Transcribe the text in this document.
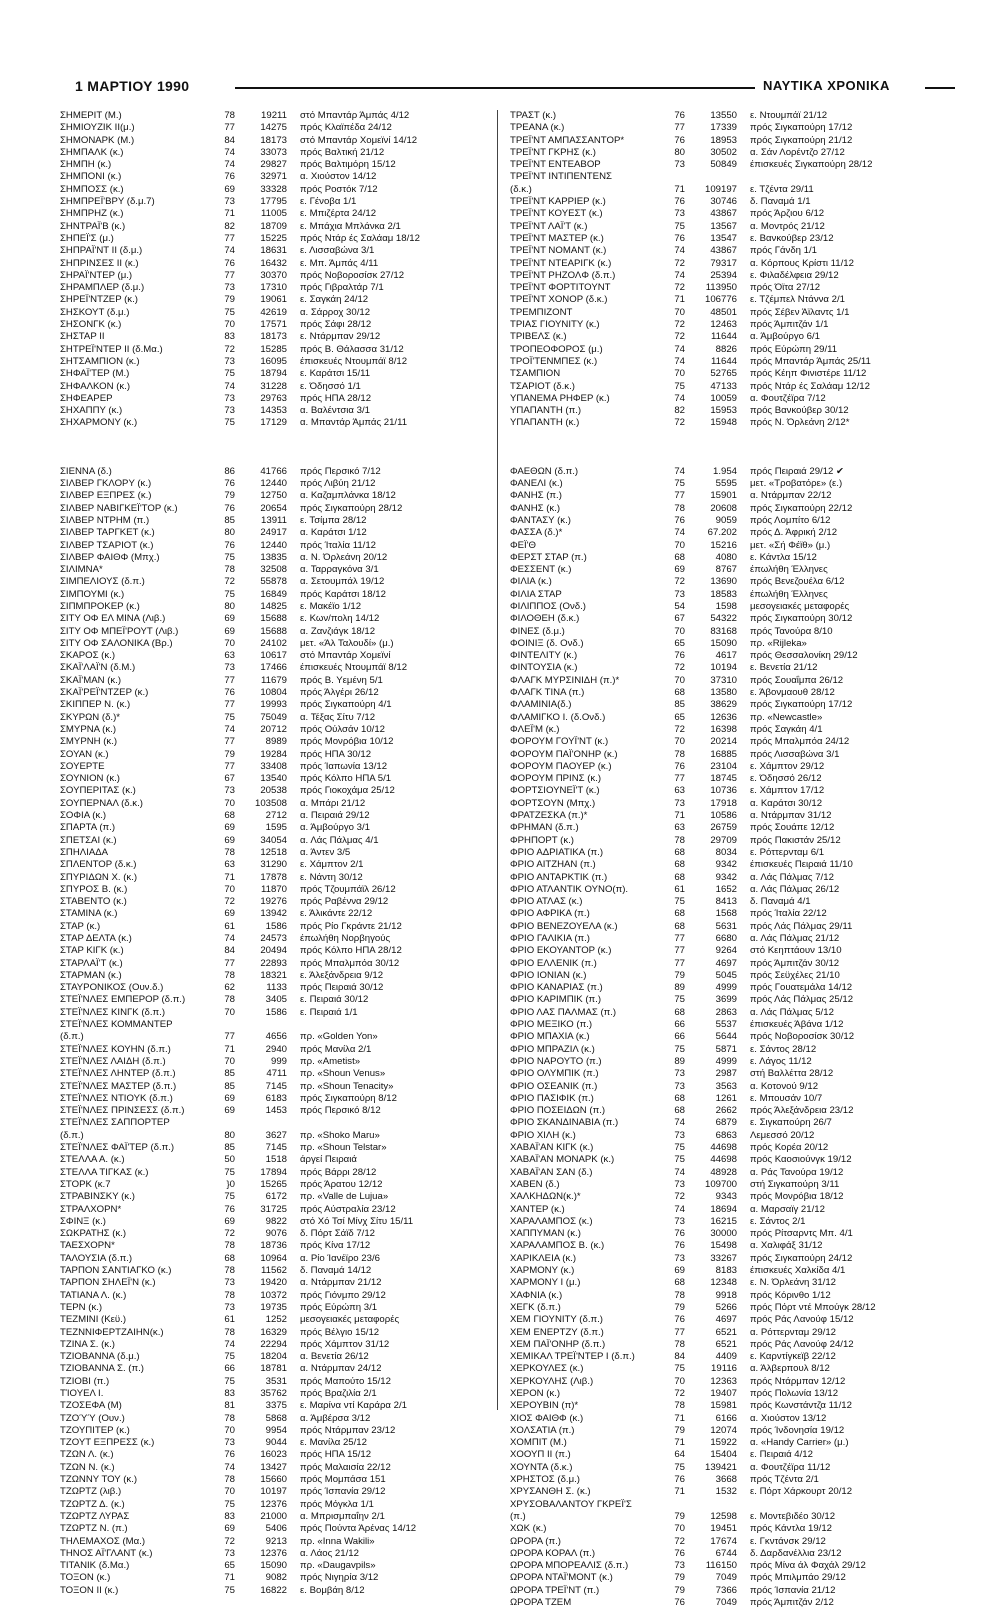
1 ΜΑΡΤΙΟΥ 1990	ΝΑΥΤΙΚΑ ΧΡΟΝΙΚΑ
ΣΗΜΕΡΙΤ (Μ.)	78	19211 στό Μπαντάρ Άμπάς 4/12
ΣΗΜΙΟΥΖΙΚ ΙΙ(μ.)	77	14275 πρός Κλαϊπέδα 24/12
ΣΗΜΟΝΑΡΚ (Μ.)	84	18173 στό Μπαντάρ Χομεϊνί 14/12
ΣΗΜΠΑΛΚ (κ.)	74	33073 πρός Βαλτική 21/12
ΣΗΜΠΗ (κ.)	74	29827 πρός Βαλτιμόρη 15/12
ΣΗΜΠΟΝΙ (κ.)	76	32971 α. Χιούστον 14/12
ΣΗΜΠΟΣΣ (κ.)	69	33328 πρός Ροστόκ 7/12
ΣΗΜΠΡΕΪ'ΒΡΥ (δ.μ.7)	73	17795 ε. Γένοβα 1/1
ΣΗΜΠΡΗΖ (κ.)	71	11005 ε. Μπιζέρτα 24/12
ΣΗΝΤΡΑΪ'Β (κ.)	82	18709 ε. Μπάχια Μπλάνκα 2/1
ΣΗΠΕΪ'Σ (μ.)	77	15225 πρός Ντάρ ές Σαλάαμ 18/12
ΣΗΠΡΑΪ'ΝΤ ΙΙ (δ.μ.)	74	18631 ε. Λισσαβώνα 3/1
ΣΗΠΡΙΝΣΕΣ ΙΙ (κ.)	76	16432 ε. Μπ. Άμπάς 4/11
ΣΗΡΑΪ'ΝΤΕΡ (μ.)	77	30370 πρός Νοβοροσίσκ 27/12
ΣΗΡΑΜΠΛΕΡ (δ.μ.)	73	17310 πρός Γιβραλτάρ 7/1
ΣΗΡΕΪ'ΝΤΖΕΡ (κ.)	79	19061 ε. Σαγκάη 24/12
ΣΗΣΚΟΥΤ (δ.μ.)	75	42619 α. Σάρροχ 30/12
ΣΗΣΟΝΓΚ (κ.)	70	17571 πρός Σάφι 28/12
ΣΗΣΤΑΡ ΙΙ	83	18173 ε. Ντάρμπαν 29/12
ΣΗΤΡΕΪ'ΝΤΕΡ ΙΙ (δ.Μα.)	72	15285 πρός Β. Θάλασσα 31/12
ΣΗΤΣΑΜΠΙΟΝ (κ.)	73	16095 έπισκευές Ντουμπάϊ 8/12
ΣΗΦΑΪ'ΤΕΡ (Μ.)	75	18794 ε. Καράτσι 15/11
ΣΗΦΑΛΚΟΝ (κ.)	74	31228 ε. Όδησσό 1/1
ΣΗΦΕΑΡΕΡ	73	29763 πρός ΗΠΑ 28/12
ΣΗΧΑΠΠΥ (κ.)	73	14353 α. Βαλέντσια 3/1
ΣΗΧΑΡΜΟΝΥ (κ.)	75	17129 α. Μπαντάρ Άμπάς 21/11
ΣΙΕΝΝΑ (δ.)	86	41766 πρός Περσικό 7/12
ΣΙΛΒΕΡ ΓΚΛΟΡΥ (κ.)	76	12440 πρός Λιβύη 21/12
ΣΙΛΒΕΡ ΕΞΠΡΕΣ (κ.)	79	12750 α. Καζαμπλάνκα 18/12
ΣΙΛΒΕΡ ΝΑΒΙΓΚΕΪ'ΤΟΡ (κ.)	76	20654 πρός Σιγκαπούρη 28/12
ΣΙΛΒΕΡ ΝΤΡΗΜ (π.)	85	13911 ε. Τσίμπα 28/12
ΣΙΛΒΕΡ ΤΑΡΓΚΕΤ (κ.)	80	24917 α. Καράτσι 1/12
ΣΙΛΒΕΡ ΤΣΑΡΙΟΤ (κ.)	76	12440 πρός Ίταλία 11/12
ΣΙΛΒΕΡ ΦΑΙΘΦ (Μπχ.)	75	13835 α. Ν. Όρλεάνη 20/12
ΣΙΛΙΜΝΑ*	78	32508 α. Ταρραγκόνα 3/1
ΣΙΜΠΕΛΙΟΥΣ (δ.π.)	72	55878 α. Σετουμπάλ 19/12
ΣΙΜΠΟΥΜΙ (κ.)	75	16849 πρός Καράτσι 18/12
ΣΙΠΜΠΡΟΚΕΡ (κ.)	80	14825 ε. Μακέϊο 1/12
ΣΙΤΥ ΟΦ ΕΛ ΜΙΝΑ (Λιβ.)	69	15688 ε. Κων/πολη 14/12
ΣΙΤΥ ΟΦ ΜΠΕΪ'ΡΟΥΤ (Λιβ.)	69	15688 α. Ζανζιάγκ 18/12
ΣΙΤΥ ΟΦ ΣΑΛΟΝΙΚΑ (Βρ.)	70	24102 μετ. «Άλ Ταλουδί» (μ.)
ΣΚΑΡΟΣ (κ.)	63	10617 στό Μπαντάρ Χομεϊνί
ΣΚΑΪ'ΛΑΪ'Ν (δ.Μ.)	73	17466 έπισκευές Ντουμπάϊ 8/12
ΣΚΑΪ'ΜΑΝ (κ.)	77	11679 πρός Β. Υεμένη 5/1
ΣΚΑΪ'ΡΕΪ'ΝΤΖΕΡ (κ.)	76	10804 πρός Άλγέρι 26/12
ΣΚΙΠΠΕΡ Ν. (κ.)	77	19993 πρός Σιγκαπούρη 4/1
ΣΚΥΡΩΝ (δ.)*	75	75049 α. Τέξας Σίτυ 7/12
ΣΜΥΡΝΑ (κ.)	74	20712 πρός Ούλσάν 10/12
ΣΜΥΡΝΗ (κ.)	77	8989 πρός Μονρόβια 10/12
ΣΟΥΑΝ (κ.)	79	19284 πρός ΗΠΑ 30/12
ΣΟΥΕΡΤΕ	77	33408 πρός Ίαπωνία 13/12
ΣΟΥΝΙΟΝ (κ.)	67	13540 πρός Κόλπο ΗΠΑ 5/1
ΣΟΥΠΕΡΙΤΑΣ (κ.)	73	20538 πρός Γιοκοχάμα 25/12
ΣΟΥΠΕΡΝΑΛ (δ.κ.)	70	103508 α. Μπάρι 21/12
ΣΟΦΙΑ (κ.)	68	2712 α. Πειραιά 29/12
ΣΠΑΡΤΑ (π.)	69	1595 α. Άμβούργο 3/1
ΣΠΕΤΣΑΙ (κ.)	69	34054 α. Λάς Πάλμας 4/1
ΣΠΗΛΙΑΔΑ	78	12518 α. Άντεν 3/5
ΣΠΛΕΝΤΟΡ (δ.κ.)	63	31290 ε. Χάμπτον 2/1
ΣΠΥΡΙΔΩΝ Χ. (κ.)	71	17878 ε. Νάντη 30/12
ΣΠΥΡΟΣ Β. (κ.)	70	11870 πρός Τζουμπάϊλ 26/12
ΣΤΑΒΕΝΤΟ (κ.)	72	19276 πρός Ραβέννα 29/12
ΣΤΑΜΙΝΑ (κ.)	69	13942 ε. Άλικάντε 22/12
ΣΤΑΡ (κ.)	61	1586 πρός Ρίο Γκράντε 21/12
ΣΤΑΡ ΔΕΛΤΑ (κ.)	74	24573 έπωλήθη Νορβηγούς
ΣΤΑΡ ΚΙΓΚ (κ.)	84	20494 πρός Κόλπο ΗΠΑ 28/12
ΣΤΑΡΛΑΪ'Τ (κ.)	77	22893 πρός Μπαλμπόα 30/12
ΣΤΑΡΜΑΝ (κ.)	78	18321 ε. Άλεξάνδρεια 9/12
ΣΤΑΥΡΟΝΙΚΟΣ (Ουν.δ.)	62	1133 πρός Πειραιά 30/12
ΣΤΕΪ'ΝΛΕΣ ΕΜΠΕΡΟΡ (δ.π.)	78	3405 ε. Πειραιά 30/12
ΣΤΕΪ'ΝΛΕΣ ΚΙΝΓΚ (δ.π.)	70	1586 ε. Πειραιά 1/1
ΣΤΕΪ'ΝΛΕΣ ΚΟΜΜΑΝΤΕΡ
(δ.π.)	77	4656 πρ. «Golden Yon»
ΣΤΕΪ'ΝΛΕΣ ΚΟΥΗΝ (δ.π.)	71	2940 πρός Μανίλα 2/1
ΣΤΕΪ'ΝΛΕΣ ΛΑΙΔΗ (δ.π.)	70	999 πρ. «Ametist»
ΣΤΕΪ'ΝΛΕΣ ΛΗΝΤΕΡ (δ.π.)	85	4711 πρ. «Shoun Venus»
ΣΤΕΪ'ΝΛΕΣ ΜΑΣΤΕΡ (δ.π.)	85	7145 πρ. «Shoun Tenacity»
ΣΤΕΪ'ΝΛΕΣ ΝΤΙΟΥΚ (δ.π.)	69	6183 πρός Σιγκαπούρη 8/12
ΣΤΕΪ'ΝΛΕΣ ΠΡΙΝΣΕΣΣ (δ.π.)	69	1453 πρός Περσικό 8/12
ΣΤΕΪ'ΝΛΕΣ ΣΑΠΠΟΡΤΕΡ
(δ.π.)	80	3627 πρ. «Shoko Maru»
ΣΤΕΪ'ΝΛΕΣ ΦΑΪ'ΤΕΡ (δ.π.)	85	7145 πρ. «Shoun Telstar»
ΣΤΕΛΛΑ Α. (κ.)	50	1518 άργεί Πειραιά
ΣΤΕΛΛΑ ΤΙΓΚΑΣ (κ.)	75	17894 πρός Βάρρι 28/12
ΣΤΟΡΚ (κ.7	}0	15265 πρός Άρατου 12/12
ΣΤΡΑΒΙΝΣΚΥ (κ.)	75	6172 πρ. «Valle de Lujua»
ΣΤΡΑΛΧΟΡΝ*	76	31725 πρός Αύστραλία 23/12
ΣΦΙΝΞ (κ.)	69	9822 στό Χό Τσί Μίνχ Σίτυ 15/11
ΣΩΚΡΑΤΗΣ (κ.)	72	9076 δ. Πόρτ Σάϊδ 7/12
ΤΑΕΣΧΟΡΝ*	78	18736 πρός Κίνα 17/12
ΤΑΛΟΥΣΙΑ (δ.π.)	68	10964 α. Ρίο Ίανέϊρο 23/6
ΤΑΡΠΟΝ ΣΑΝΤΙΑΓΚΟ (κ.)	78	11562 δ. Παναμά 14/12
ΤΑΡΠΟΝ ΣΗΛΕΪ'Ν (κ.)	73	19420 α. Ντάρμπαν 21/12
ΤΑΤΙΑΝΑ Λ. (κ.)	78	10372 πρός Γιόνμπο 29/12
ΤΕΡΝ (κ.)	73	19735 πρός Εύρώπη 3/1
ΤΕΖΜΙΝΙ (Κεϋ.)	61	1252 μεσογειακές μεταφορές
ΤΕΖΝΝΙΦΕΡΤΖΑΙΗΝ(κ.)	78	16329 πρός Βέλγιο 15/12
ΤΖΙΝΑ Σ. (κ.)	74	22294 πρός Χάμπτον 31/12
ΤΖΙΟΒΑΝΝΑ (δ.μ.)	75	18204 α. Βενετία 26/12
ΤΖΙΟΒΑΝΝΑ Σ. (π.)	66	18781 α. Ντάρμπαν 24/12
ΤΖΙΟΒΙ (π.)	75	3531 πρός Μαπούτο 15/12
ΤΊΟΥΕΛ Ι.	83	35762 πρός Βραζιλία 2/1
ΤΖΟΣΕΦΑ (Μ)	81	3375 ε. Μαρίνα ντί Καράρα 2/1
ΤΖΟΎΎ (Ουν.)	78	5868 α. Άμβέρσα 3/12
ΤΖΟΥΠΙΤΕΡ (κ.)	70	9954 πρός Ντάρμπαν 23/12
ΤΖΟΥΤ ΕΞΠΡΕΣΣ (κ.)	73	9044 ε. Μανίλα 25/12
ΤΖΩΝ Λ. (κ.)	76	16023 πρός ΗΠΑ 15/12
ΤΖΩΝ Ν. (κ.)	74	13427 πρός Μαλαισία 22/12
ΤΖΩΝΝΥ ΤΟΥ (κ.)	78	15660 πρός Μομπάσα 151
ΤΖΩΡΤΖ (λιβ.)	70	10197 πρός Ίσπανία 29/12
ΤΖΩΡΤΖ Δ. (κ.)	75	12376 πρός Μόγκλα 1/1
ΤΖΩΡΤΖ ΛΥΡΑΣ	83	21000 α. Μπρισμπαΐην 2/1
ΤΖΩΡΤΖ Ν. (π.)	69	5406 πρός Πούντα Άρένας 14/12
ΤΗΛΕΜΑΧΟΣ (Μα.)	72	9213 πρ. «Inna Wakili»
ΤΗΝΟΣ ΑΪ'ΓΛΑΝΤ (κ.)	73	12376 α. Λάος 21/12
ΤΙΤΑΝΙΚ (δ.Μα.)	65	15090 πρ. «Daugavpils»
ΤΟΞΟΝ (κ.)	71	9082 πρός Νιγηρία 3/12
ΤΟΞΟΝ ΙΙ (κ.)	75	16822 ε. Βομβάη 8/12
ΤΡΑΣΤ (κ.)	76	13550 ε. Ντουμπάϊ 21/12
ΤΡΕΑΝΑ (κ.)	77	17339 πρός Σιγκαπούρη 17/12
ΤΡΕΪ'ΝΤ ΑΜΠΑΣΣΑΝΤΟΡ*	76	18953 πρός Σιγκαπούρη 21/12
ΤΡΕΪ'ΝΤ ΓΚΡΗΣ (κ.)	80	30502 α. Σάν Λορέντζο 27/12
ΤΡΕΪ'ΝΤ ΕΝΤΕΑΒΟΡ	73	50849 έπισκευές Σιγκαπούρη 28/12
ΤΡΕΪ'ΝΤ ΙΝΤΙΠΕΝΤΕΝΣ
(δ.κ.)	71	109197 ε. Τζέντα 29/11
ΤΡΕΪ'ΝΤ ΚΑΡΡΙΕΡ (κ.)	76	30746 δ. Παναμά 1/1
ΤΡΕΪ'ΝΤ ΚΟΥΕΣΤ (κ.)	73	43867 πρός Άρζιου 6/12
ΤΡΕΪ'ΝΤ ΛΑΪ'Τ (κ.)	75	13567 α. Μοντρός 21/12
ΤΡΕΪ'ΝΤ ΜΑΣΤΕΡ (κ.)	76	13547 ε. Βανκούβερ 23/12
ΤΡΕΪ'ΝΤ ΝΟΜΑΝΤ (κ.)	74	43867 πρός Γάνδη 1/1
ΤΡΕΪ'ΝΤ ΝΤΕΑΡΙΓΚ (κ.)	72	79317 α. Κόρπους Κρίστι 11/12
ΤΡΕΪ'ΝΤ ΡΗΖΟΛΦ (δ.π.)	74	25394 ε. Φιλαδέλφεια 29/12
ΤΡΕΪ'ΝΤ ΦΟΡΤΙΤΟΥΝΤ	72	113950 πρός Όϊτα 27/12
ΤΡΕΪ'ΝΤ ΧΟΝΟΡ (δ.κ.)	71	106776 ε. Τζέμπελ Ντάννα 2/1
ΤΡΕΜΠΙΖΟΝΤ	70	48501 πρός Σέβεν Άϊλαντς 1/1
ΤΡΙΑΣ ΓΙΟΥΝΙΤΥ (κ.)	72	12463 πρός Άμπιτζάν 1/1
ΤΡΙΒΕΛΣ (κ.)	72	11644 α. Άμβούργο 6/1
ΤΡΟΠΕΟΦΟΡΟΣ (μ.)	74	8826 πρός Εύρώπη 29/11
ΤΡΟΪ'ΤΕΝΜΠΕΣ (κ.)	74	11644 πρός Μπαντάρ Άμπάς 25/11
ΤΣΑΜΠΙΟΝ	70	52765 πρός Κέηπ Φινιστέρε 11/12
ΤΣΑΡΙΟΤ (δ.κ.)	75	47133 πρός Ντάρ ές Σαλάαμ 12/12
ΥΠΑΝΕΜΑ ΡΗΦΕΡ (κ.)	74	10059 α. Φουτζέϊρα 7/12
ΥΠΑΠΑΝΤΗ (π.)	82	15953 πρός Βανκούβερ 30/12
ΥΠΑΠΑΝΤΗ (κ.)	72	15948 πρός Ν. Όρλεάνη 2/12*
ΦΑΕΘΩΝ (δ.π.)	74	1.954 πρός Πειραιά 29/12 ✔
ΦΑΝΕΛΙ (κ.)	75	5595 μετ. «Τροβατόρε» (ε.)
ΦΑΝΗΣ (π.)	77	15901 α. Ντάρμπαν 22/12
ΦΑΝΗΣ (κ.)	78	20608 πρός Σιγκαπούρη 22/12
ΦΑΝΤΑΣΥ (κ.)	76	9059 πρός Λομπίτο 6/12
ΦΑΣΣΑ (δ.)*	74	67.202 πρός Δ. Άφρική 2/12
ΦΕΪ'Θ	70	15216 μετ. «Σή Φέϊθ» (μ.)
ΦΕΡΣΤ ΣΤΑΡ (π.)	68	4080 ε. Κάντλα 15/12
ΦΕΣΣΕΝΤ (κ.)	69	8767 έπωλήθη Έλληνες
ΦΙΛΙΑ (κ.)	72	13690 πρός Βενεζουέλα 6/12
ΦΙΛΙΑ ΣΤΑΡ	73	18583 έπωλήθη Έλληνες
ΦΙΛΙΠΠΟΣ (Ονδ.)	54	1598 μεσογειακές μεταφορές
ΦΙΛΟΘΕΗ (δ.κ.)	67	54322 πρός Σιγκαπούρη 30/12
ΦΙΝΕΣ (δ.μ.)	70	83168 πρός Τανούρα 8/10
ΦΟΙΝΙΞ (δ. Ονδ.)	65	15090 πρ. «Rijleka»
ΦΙΝΤΕΛΙΤΥ (κ.)	76	4617 πρός Θεσσαλονίκη 29/12
ΦΙΝΤΟΥΣΙΑ (κ.)	72	10194 ε. Βενετία 21/12
ΦΛΑΓΚ ΜΥΡΣΙΝΙΔΗ (π.)*	70	37310 πρός Σουαΐμπα 26/12
ΦΛΑΓΚ ΤΙΝΑ (π.)	68	13580 ε. Άβονμαουθ 28/12
ΦΛΑΜΙΝΙΑ(δ.)	85	38629 πρός Σιγκαπούρη 17/12
ΦΛΑΜΙΓΚΟ Ι. (δ.Ονδ.)	65	12636 πρ. «Newcastle»
ΦΛΕΪ'Μ (κ.)	72	16398 πρός Σαγκάη 4/1
ΦΟΡΟΥΜ ΓΟΥΪ'ΝΤ (κ.)	70	20214 πρός Μπαλμπόα 24/12
ΦΟΡΟΥΜ ΠΑΪ'ΟΝΗΡ (κ.)	78	16885 πρός Λισσαβώνα 3/1
ΦΟΡΟΥΜ ΠΑΟΥΕΡ (κ.)	76	23104 ε. Χάμπτον 29/12
ΦΟΡΟΥΜ ΠΡΙΝΣ (κ.)	77	18745 ε. Όδησσό 26/12
ΦΟΡΤΣΙΟΥΝΕΪ'Τ (κ.)	63	10736 ε. Χάμπτον 17/12
ΦΟΡΤΣΟΥΝ (Μπχ.)	73	17918 α. Καράτσι 30/12
ΦΡΑΤΖΕΣΚΑ (π.)*	71	10586 α. Ντάρμπαν 31/12
ΦΡΗΜΑΝ (δ.π.)	63	26759 πρός Σουάπε 12/12
ΦΡΗΠΟΡΤ (κ.)	78	29709 πρός Πακιστάν 25/12
ΦΡΙΟ ΑΔΡΙΑΤΙΚΑ (π.)	68	8034 ε. Ρόττερνταμ 6/1
ΦΡΙΟ ΑΙΤΖΗΑΝ (π.)	68	9342 έπισκευές Πειραιά 11/10
ΦΡΙΟ ΑΝΤΑΡΚΤΙΚ (π.)	68	9342 α. Λάς Πάλμας 7/12
ΦΡΙΟ ΑΤΛΑΝΤΙΚ ΟΥΝΟ(π).	61	1652 α. Λάς Πάλμας 26/12
ΦΡΙΟ ΑΤΛΑΣ (κ.)	75	8413 δ. Παναμά 4/1
ΦΡΙΟ ΑΦΡΙΚΑ (π.)	68	1568 πρός Ίταλία 22/12
ΦΡΙΟ ΒΕΝΕΖΟΥΕΛΑ (κ.)	68	5631 πρός Λάς Πάλμας 29/11
ΦΡΙΟ ΓΑΛΙΚΙΑ (π.)	77	6680 α. Λάς Πάλμας 21/12
ΦΡΙΟ ΕΚΟΥΑΝΤΟΡ (κ.)	77	9264 στό Κεηπτάουν 13/10
ΦΡΙΟ ΕΛΛΕΝΙΚ (π.)	77	4697 πρός Άμπιτζάν 30/12
ΦΡΙΟ ΙΟΝΙΑΝ (κ.)	79	5045 πρός Σεϋχέλες 21/10
ΦΡΙΟ ΚΑΝΑΡΙΑΣ (π.)	89	4999 πρός Γουατεμάλα 14/12
ΦΡΙΟ ΚΑΡΙΜΠΙΚ (π.)	75	3699 πρός Λάς Πάλμας 25/12
ΦΡΙΟ ΛΑΣ ΠΑΛΜΑΣ (π.)	68	2863 α. Λάς Πάλμας 5/12
ΦΡΙΟ ΜΕΞΙΚΟ (π.)	66	5537 έπισκευές Άβάνα 1/12
ΦΡΙΟ ΜΠΑΧΙΑ (κ.)	66	5644 πρός Νοβοροσίσκ 30/12
ΦΡΙΟ ΜΠΡΑΖΙΛ (κ.)	75	5871 ε. Σάντος 28/12
ΦΡΙΟ ΝΑΡΟΥΤΟ (π.)	89	4999 ε. Λάγος 11/12
ΦΡΙΟ ΟΛΥΜΠΙΚ (π.)	73	2987 στή Βαλλέττα 28/12
ΦΡΙΟ ΟΣΕΑΝΙΚ (π.)	73	3563 α. Κοτονού 9/12
ΦΡΙΟ ΠΑΣΙΦΙΚ (π.)	68	1261 ε. Μπουσάν 10/7
ΦΡΙΟ ΠΟΣΕΙΔΩΝ (π.)	68	2662 πρός Άλεξάνδρεια 23/12
ΦΡΙΟ ΣΚΑΝΔΙΝΑΒΙΑ (π.)	74	6879 ε. Σιγκαπούρη 26/7
ΦΡΙΟ ΧΙΛΗ (κ.)	73	6863 Λεμεσσό 20/12
ΧΑΒΑΪ'ΑΝ ΚΙΓΚ (κ.)	75	44698 πρός Κορέα 20/12
ΧΑΒΑΪ'ΑΝ ΜΟΝΑΡΚ (κ.)	75	44698 πρός Καοσιούνγκ 19/12
ΧΑΒΑΪ'ΑΝ ΣΑΝ (δ.)	74	48928 α. Ράς Τανούρα 19/12
ΧΑΒΕΝ (δ.)	73	109700 στή Σιγκαπούρη 3/11
ΧΑΛΚΗΔΩΝ(κ.)*	72	9343 πρός Μονρόβια 18/12
ΧΑΝΤΕΡ (κ.)	74	18694 α. Μαρσαϊγ 21/12
ΧΑΡΑΛΑΜΠΟΣ (κ.)	73	16215 ε. Σάντος 2/1
ΧΑΠΠΥΜΑΝ (κ.)	76	30000 πρός Ρίτσαρντς Μπ. 4/1
ΧΑΡΑΛΑΜΠΟΣ Β. (κ.)	76	15498 α. Χαλιφάξ 31/12
ΧΑΡΙΚΛΕΙΑ (κ.)	73	33267 πρός Σιγκαπούρη 24/12
ΧΑΡΜΟΝΥ (κ.)	69	8183 έπισκευές Χαλκίδα 4/1
ΧΑΡΜΟΝΥ Ι (μ.)	68	12348 ε. Ν. Όρλεάνη 31/12
ΧΑΦΝΙΑ (κ.)	78	9918 πρός Κόρινθο 1/12
ΧΕΓΚ (δ.π.)	79	5266 πρός Πόρτ ντέ Μπούγκ 28/12
ΧΕΜ ΓΙΟΥΝΙΤΥ (δ.π.)	76	4697 πρός Ράς Λανούφ 15/12
ΧΕΜ ΕΝΕΡΤΖΥ (δ.π.)	77	6521 α. Ρόττερνταμ 29/12
ΧΕΜ ΠΑΪ'ΟΝΗΡ (δ.π.)	78	6521 πρός Ράς Λανούφ 24/12
ΧΕΜΙΚΑΛ ΤΡΕΪ'ΝΤΕΡ Ι (δ.π.)	84	4409 ε. Καρντίγκεϊβ 22/12
ΧΕΡΚΟΥΛΕΣ (κ.)	75	19116 α. Άλβερπουλ 8/12
ΧΕΡΚΟΥΛΗΣ (Λιβ.)	70	12363 πρός Ντάρμπαν 12/12
ΧΕΡΟΝ (κ.)	72	19407 πρός Πολωνία 13/12
ΧΕΡΟΥΒΙΝ (π)*	78	15981 πρός Κωνστάντζα 11/12
ΧΙΟΣ ΦΑΙΘΦ (κ.)	71	6166 α. Χιούστον 13/12
ΧΟΛΣΑΤΙΑ (π.)	79	12074 πρός Ίνδονησία 19/12
ΧΟΜΠΙΤ (Μ.)	71	15922 α. «Handy Carrier» (μ.)
ΧΟΟΥΠ ΙΙ (π.)	64	15404 ε. Πειραιά 4/12
ΧΟΥΝΤΑ (δ.κ.)	75	139421 α. Φουτζέϊρα 11/12
ΧΡΗΣΤΟΣ (δ.μ.)	76	3668 πρός Τζέντα 2/1
ΧΡΥΣΑΝΘΗ Σ. (κ.)	71	1532 ε. Πόρτ Χάρκουρτ 20/12
ΧΡΥΣΟΒΑΛΑΝΤΟΥ ΓΚΡΕΪ'Σ
(π.)	79	12598 ε. Μοντεβιδέο 30/12
ΧΩΚ (κ.)	70	19451 πρός Κάντλα 19/12
ΩΡΟΡΑ (π.)	72	17674 ε. Γκντάνσκ 29/12
ΩΡΟΡΑ ΚΟΡΑΛ (π.)	76	6744 δ. Δαρδανέλλια 23/12
ΩΡΟΡΑ ΜΠΟΡΕΑΛΙΣ (δ.π.)	73	116150 πρός Μίνα άλ Φαχάλ 29/12
ΩΡΟΡΑ ΝΤΑΪ'ΜΟΝΤ (κ.)	79	7049 πρός Μπιλμπάο 29/12
ΩΡΟΡΑ ΤΡΕΪ'ΝΤ (π.)	79	7366 πρός Ίσπανία 21/12
ΩΡΟΡΑ ΤΖΕΜ	76	7049 πρός Άμπιτζάν 2/12
